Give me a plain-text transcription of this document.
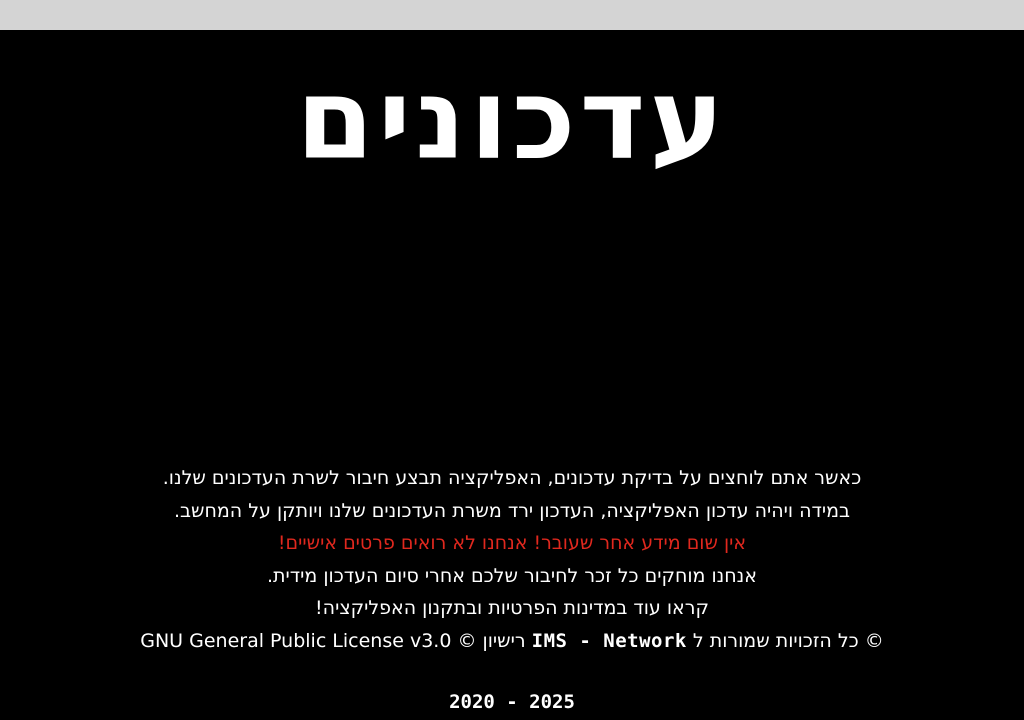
עדכונים
כאשר אתם לוחצים על בדיקת עדכונים, האפליקציה תבצע חיבור לשרת העדכונים שלנו.
במידה ויהיה עדכון האפליקציה, העדכון ירד משרת העדכונים שלנו ויותקן על המחשב.
אין שום מידע אחר שעובר! אנחנו לא רואים פרטים אישיים!
אנחנו מוחקים כל זכר לחיבור שלכם אחרי סיום העדכון מידית.
קראו עוד במדינות הפרטיות ובתקנון האפליקציה!
© כל הזכויות שמורות ל IMS - Network רישיון GNU General Public License v3.0 ©
2020 - 2025
